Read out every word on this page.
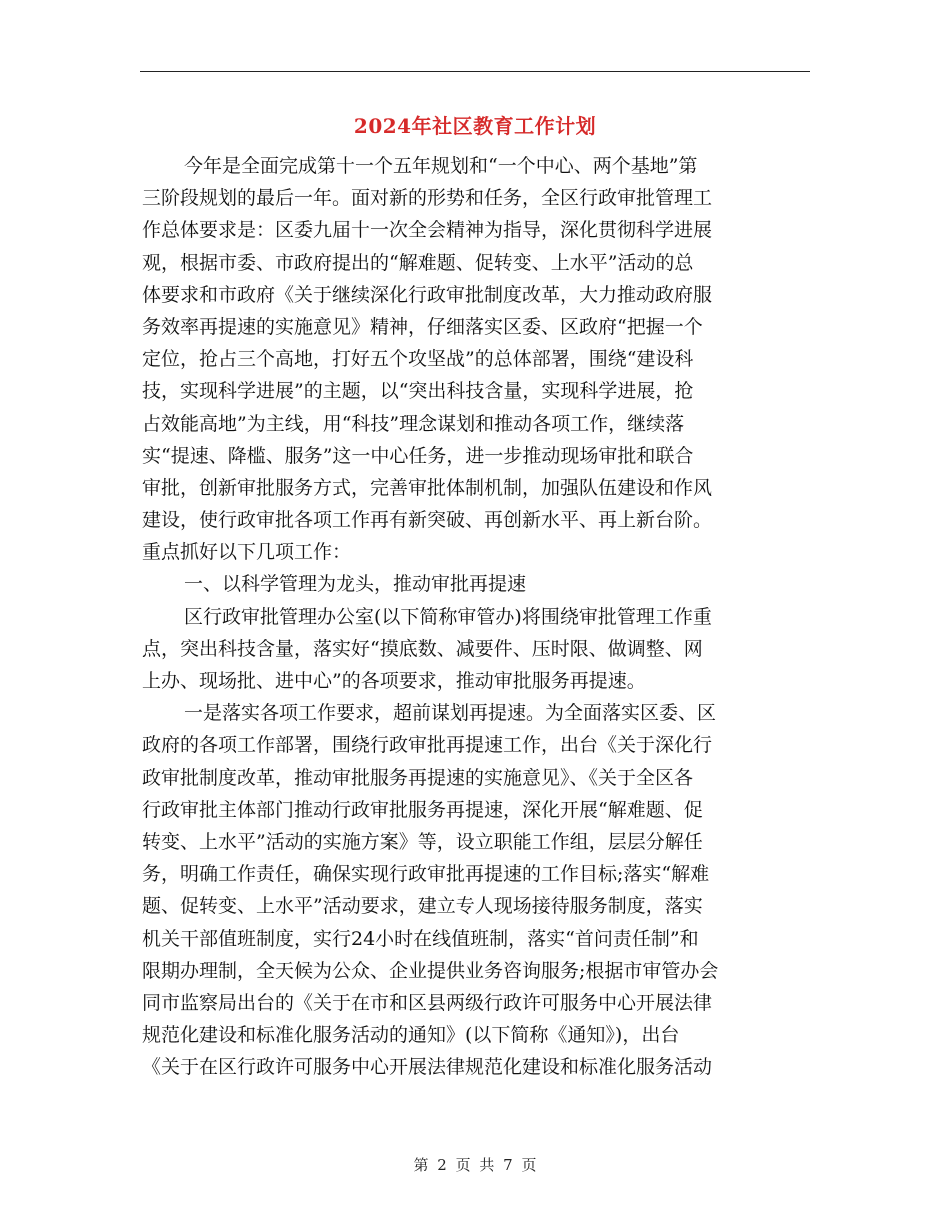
2024年社区教育工作计划
今年是全面完成第十一个五年规划和“一个中心、两个基地”第
三阶段规划的最后一年。面对新的形势和任务，全区行政审批管理工
作总体要求是：区委九届十一次全会精神为指导，深化贯彻科学进展
观，根据市委、市政府提出的“解难题、促转变、上水平”活动的总
体要求和市政府《关于继续深化行政审批制度改革，大力推动政府服
务效率再提速的实施意见》精神，仔细落实区委、区政府“把握一个
定位，抢占三个高地，打好五个攻坚战”的总体部署，围绕“建设科
技，实现科学进展”的主题，以“突出科技含量，实现科学进展，抢
占效能高地”为主线，用“科技”理念谋划和推动各项工作，继续落
实“提速、降槛、服务”这一中心任务，进一步推动现场审批和联合
审批，创新审批服务方式，完善审批体制机制，加强队伍建设和作风
建设，使行政审批各项工作再有新突破、再创新水平、再上新台阶。
重点抓好以下几项工作：
一、以科学管理为龙头，推动审批再提速
区行政审批管理办公室(以下简称审管办)将围绕审批管理工作重
点，突出科技含量，落实好“摸底数、减要件、压时限、做调整、网
上办、现场批、进中心”的各项要求，推动审批服务再提速。
一是落实各项工作要求，超前谋划再提速。为全面落实区委、区
政府的各项工作部署，围绕行政审批再提速工作，出台《关于深化行
政审批制度改革，推动审批服务再提速的实施意见》、《关于全区各
行政审批主体部门推动行政审批服务再提速，深化开展“解难题、促
转变、上水平”活动的实施方案》等，设立职能工作组，层层分解任
务，明确工作责任，确保实现行政审批再提速的工作目标;落实“解难
题、促转变、上水平”活动要求，建立专人现场接待服务制度，落实
机关干部值班制度，实行24小时在线值班制，落实“首问责任制”和
限期办理制，全天候为公众、企业提供业务咨询服务;根据市审管办会
同市监察局出台的《关于在市和区县两级行政许可服务中心开展法律
规范化建设和标准化服务活动的通知》(以下简称《通知》)，出台
《关于在区行政许可服务中心开展法律规范化建设和标准化服务活动
第 2 页 共 7 页
